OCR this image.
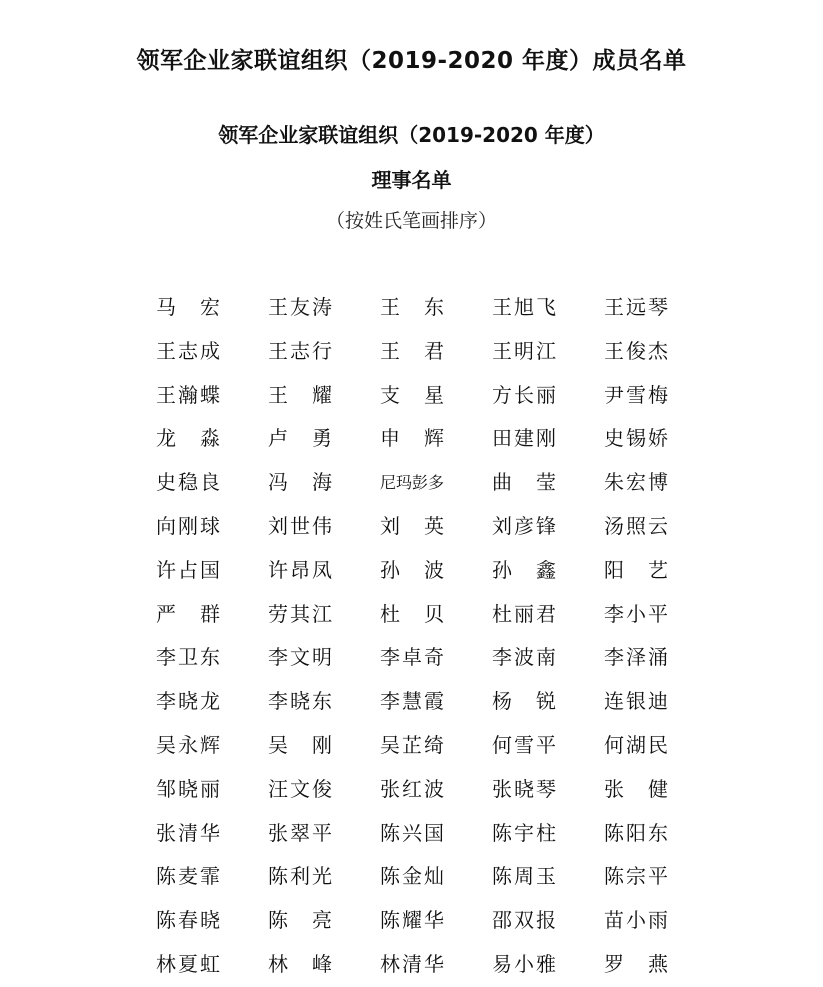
领军企业家联谊组织（2019-2020 年度）成员名单
领军企业家联谊组织（2019-2020 年度）
理事名单
（按姓氏笔画排序）
马 宏 王友涛 王 东 王旭飞 王远琴
王志成 王志行 王 君 王明江 王俊杰
王瀚蝶 王 耀 支 星 方长丽 尹雪梅
龙 淼 卢 勇 申 辉 田建刚 史锡娇
史稳良 冯 海	尼玛彭多 曲 莹 朱宏博
向刚球 刘世伟 刘 英 刘彦锋 汤照云
许占国 许昂凤 孙 波 孙 鑫 阳 艺
严 群 劳其江 杜 贝 杜丽君 李小平
李卫东 李文明 李卓奇 李波南 李泽涌
李晓龙 李晓东 李慧霞 杨 锐 连银迪
吴永辉 吴 刚 吴芷绮 何雪平 何湖民
邹晓丽 汪文俊 张红波 张晓琴 张 健
张清华 张翠平 陈兴国 陈宇柱 陈阳东
陈麦霏 陈利光 陈金灿 陈周玉 陈宗平
陈春晓 陈 亮 陈耀华 邵双报 苗小雨
林夏虹 林 峰 林清华 易小雅 罗 燕
